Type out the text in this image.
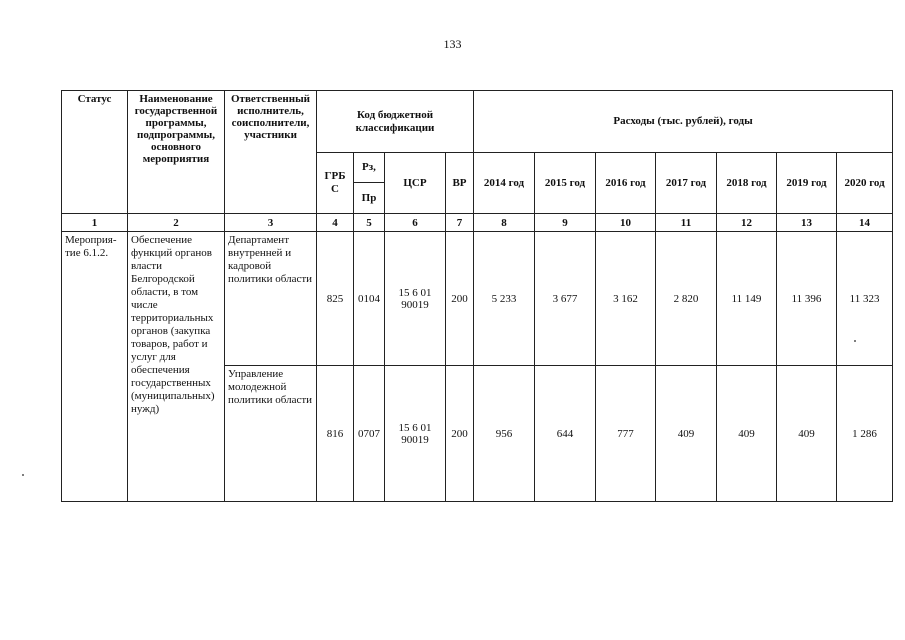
133
Статус	Наименование государственной программы, подпрограммы, основного мероприятия	Ответственный исполнитель, соисполнители, участники	Код бюджетной классификации				Расходы (тыс. рублей), годы						
			ГРБ С	Рз,	ЦСР	ВР	2014 год	2015 год	2016 год	2017 год	2018 год	2019 год	2020 год
				Пр									
1	2	3	4	5	6	7	8	9	10	11	12	13	14
Мероприя-тие 6.1.2.	Обеспечение функций органов власти Белгородской области, в том числе территориальных органов (закупка товаров, работ и услуг для обеспечения государственных (муниципальных) нужд)	Департамент внутренней и кадровой политики области	825	0104	15 6 01 90019	200	5 233	3 677	3 162	2 820	11 149	11 396	11 323
		Управление молодежной политики области	816	0707	15 6 01 90019	200	956	644	777	409	409	409	1 286
